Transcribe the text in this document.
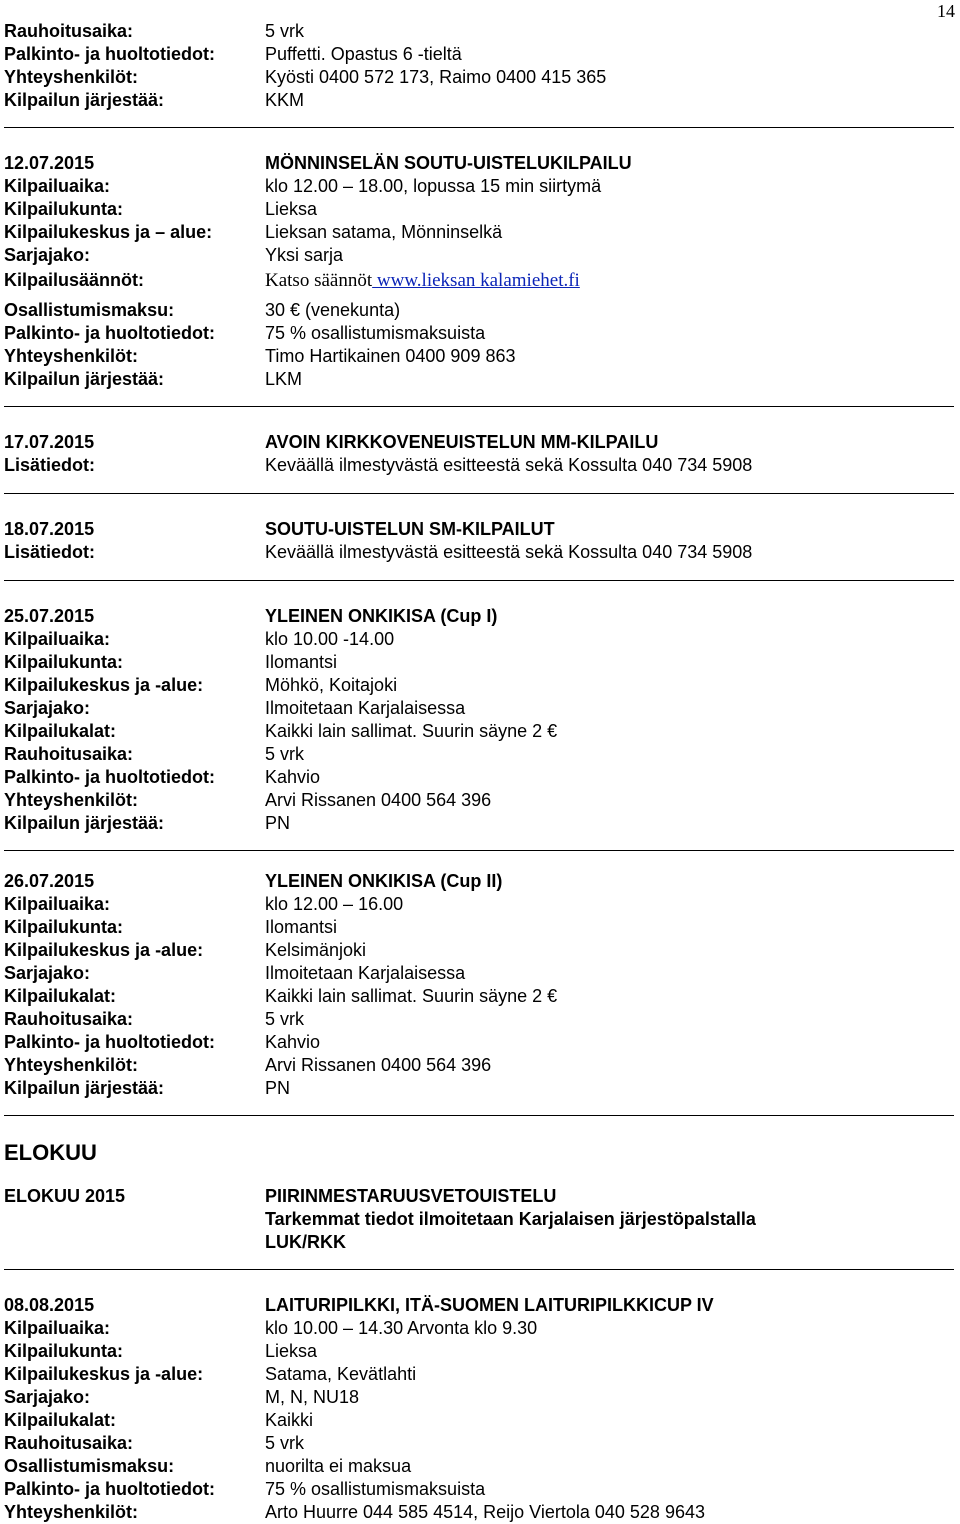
14
Rauhoitusaika:	5 vrk
Palkinto- ja huoltotiedot:	Puffetti. Opastus 6 -tieltä
Yhteyshenkilöt:	Kyösti 0400 572 173, Raimo 0400 415 365
Kilpailun järjestää:	KKM
12.07.2015	MÖNNINSELÄN SOUTU-UISTELUKILPAILU
Kilpailuaika:	klo 12.00 – 18.00, lopussa 15 min siirtymä
Kilpailukunta:	Lieksa
Kilpailukeskus ja – alue:	Lieksan satama, Mönninselkä
Sarjajako:	Yksi sarja
Kilpailusäännöt:	Katso säännöt www.lieksan kalamiehet.fi
Osallistumismaksu:	30 € (venekunta)
Palkinto- ja huoltotiedot:	75 % osallistumismaksuista
Yhteyshenkilöt:	Timo Hartikainen 0400 909 863
Kilpailun järjestää:	LKM
17.07.2015	AVOIN KIRKKOVENEUISTELUN MM-KILPAILU
Lisätiedot:	Keväällä ilmestyvästä esitteestä sekä Kossulta 040 734 5908
18.07.2015	SOUTU-UISTELUN SM-KILPAILUT
Lisätiedot:	Keväällä ilmestyvästä esitteestä sekä Kossulta 040 734 5908
25.07.2015	YLEINEN ONKIKISA (Cup I)
Kilpailuaika:	klo 10.00 -14.00
Kilpailukunta:	Ilomantsi
Kilpailukeskus ja -alue:	Möhkö, Koitajoki
Sarjajako:	Ilmoitetaan Karjalaisessa
Kilpailukalat:	Kaikki lain sallimat. Suurin säyne 2 €
Rauhoitusaika:	5 vrk
Palkinto- ja huoltotiedot:	Kahvio
Yhteyshenkilöt:	Arvi Rissanen 0400 564 396
Kilpailun järjestää:	PN
26.07.2015	YLEINEN ONKIKISA (Cup II)
Kilpailuaika:	klo 12.00 – 16.00
Kilpailukunta:	Ilomantsi
Kilpailukeskus ja -alue:	Kelsimänjoki
Sarjajako:	Ilmoitetaan Karjalaisessa
Kilpailukalat:	Kaikki lain sallimat. Suurin säyne 2 €
Rauhoitusaika:	5 vrk
Palkinto- ja huoltotiedot:	Kahvio
Yhteyshenkilöt:	Arvi Rissanen 0400 564 396
Kilpailun järjestää:	PN
ELOKUU
ELOKUU 2015	PIIRINMESTARUUSVETOUISTELU
Tarkemmat tiedot ilmoitetaan Karjalaisen järjestöpalstalla
LUK/RKK
08.08.2015	LAITURIPILKKI, ITÄ-SUOMEN LAITURIPILKKICUP IV
Kilpailuaika:	klo 10.00 – 14.30 Arvonta klo 9.30
Kilpailukunta:	Lieksa
Kilpailukeskus ja -alue:	Satama, Kevätlahti
Sarjajako:	M, N, NU18
Kilpailukalat:	Kaikki
Rauhoitusaika:	5 vrk
Osallistumismaksu:	nuorilta ei maksua
Palkinto- ja huoltotiedot:	75 % osallistumismaksuista
Yhteyshenkilöt:	Arto Huurre 044 585 4514, Reijo Viertola 040 528 9643
